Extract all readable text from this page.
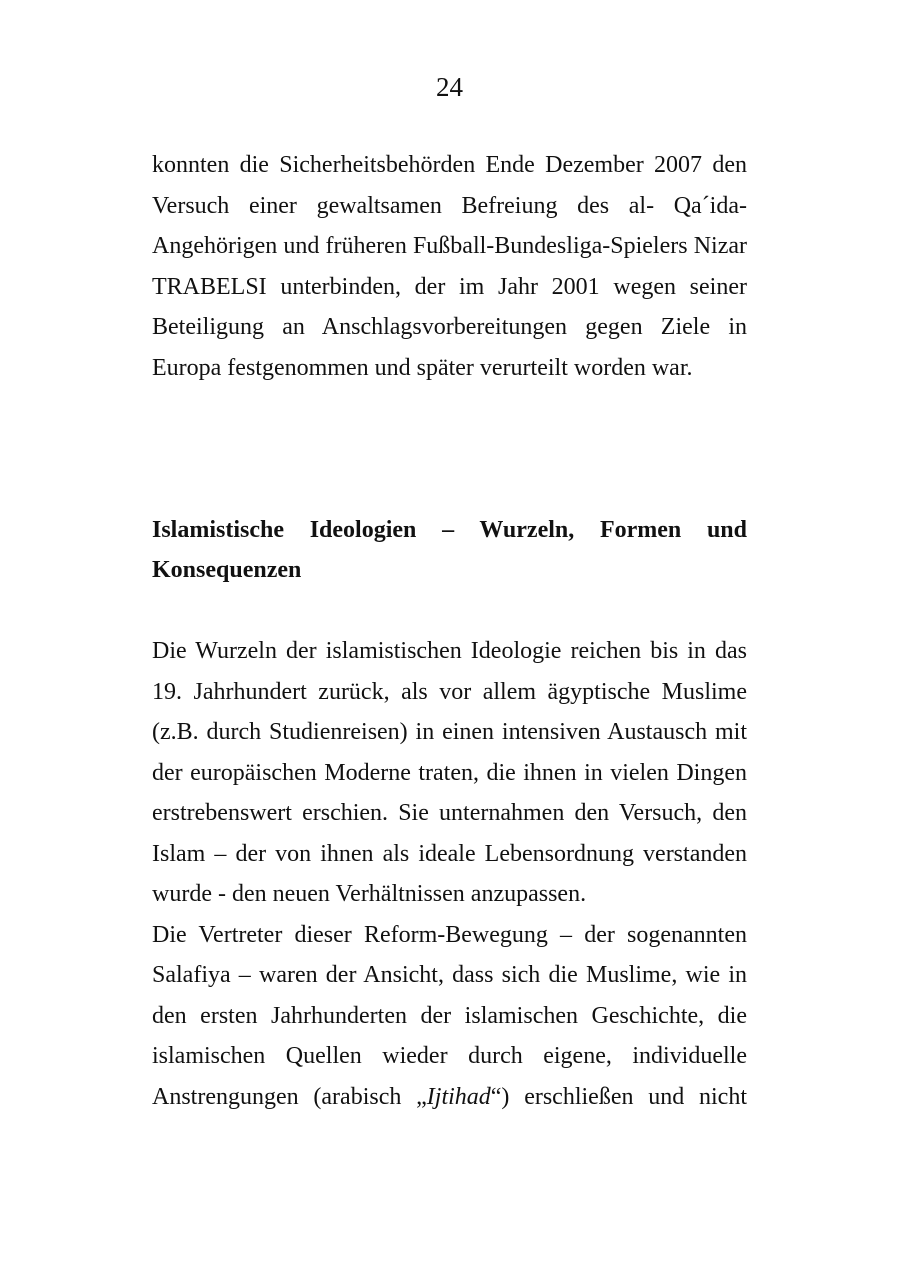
24
konnten die Sicherheitsbehörden Ende Dezember 2007 den
Versuch einer gewaltsamen Befreiung des al- Qa´ida-
Angehörigen und früheren Fußball-Bundesliga-Spielers Nizar
TRABELSI unterbinden, der im Jahr 2001 wegen seiner
Beteiligung an Anschlagsvorbereitungen gegen Ziele in
Europa festgenommen und später verurteilt worden war.
Islamistische Ideologien – Wurzeln, Formen und
Konsequenzen
Die Wurzeln der islamistischen Ideologie reichen bis in das
19. Jahrhundert zurück, als vor allem ägyptische Muslime
(z.B. durch Studienreisen) in einen intensiven Austausch mit
der europäischen Moderne traten, die ihnen in vielen Dingen
erstrebenswert erschien. Sie unternahmen den Versuch, den
Islam – der von ihnen als ideale Lebensordnung verstanden
wurde - den neuen Verhältnissen anzupassen.
Die Vertreter dieser Reform-Bewegung – der sogenannten
Salafiya – waren der Ansicht, dass sich die Muslime, wie in
den ersten Jahrhunderten der islamischen Geschichte, die
islamischen Quellen wieder durch eigene, individuelle
Anstrengungen (arabisch „Ijtihad“) erschließen und nicht
